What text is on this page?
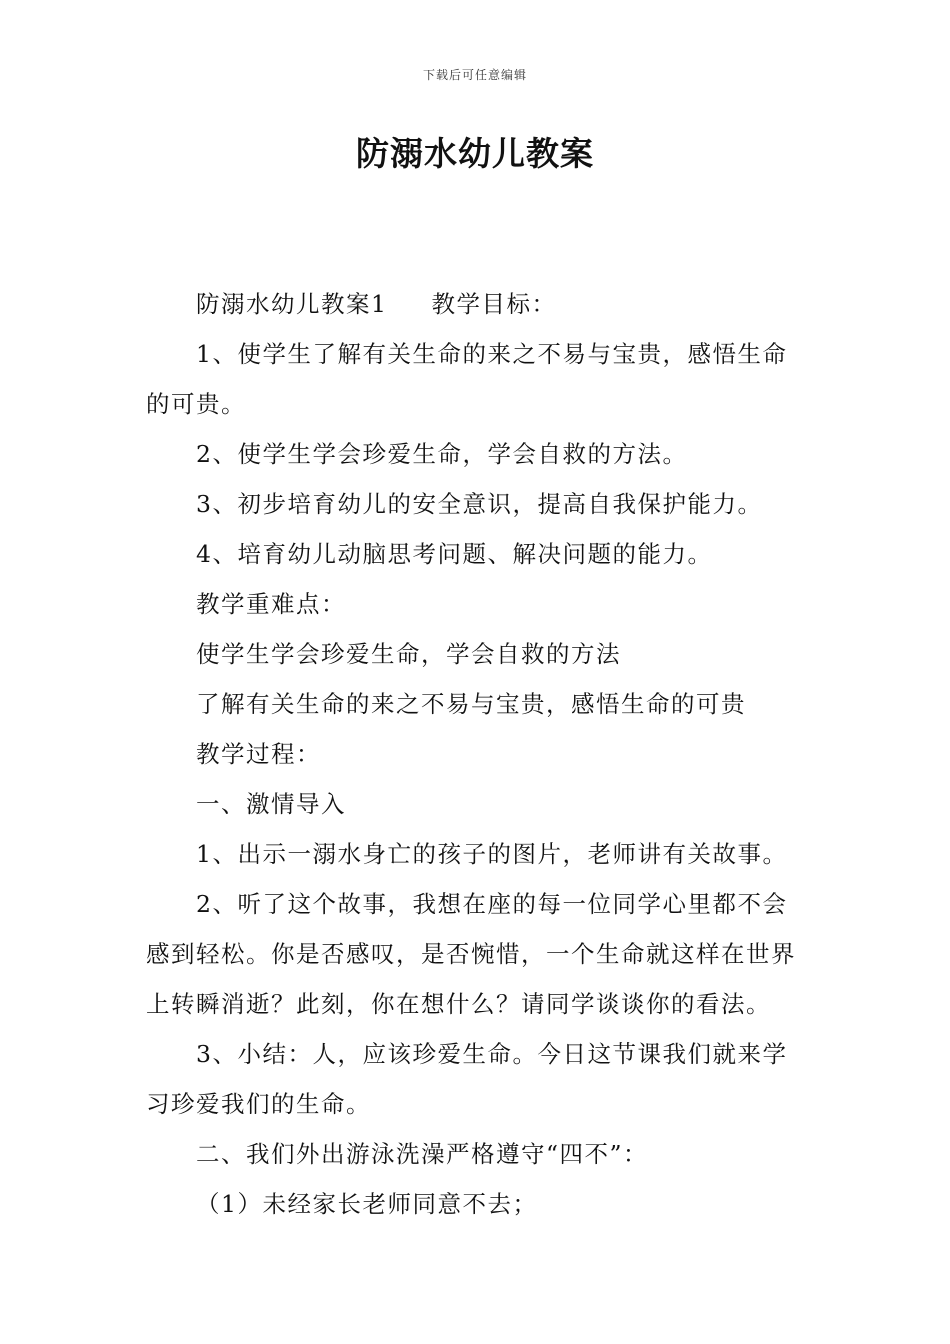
下载后可任意编辑
防溺水幼儿教案

防溺水幼儿教案1 教学目标：

1、使学生了解有关生命的来之不易与宝贵，感悟生命的可贵。

2、使学生学会珍爱生命，学会自救的方法。

3、初步培育幼儿的安全意识，提高自我保护能力。

4、培育幼儿动脑思考问题、解决问题的能力。

教学重难点：

使学生学会珍爱生命，学会自救的方法

了解有关生命的来之不易与宝贵，感悟生命的可贵

教学过程：

一、激情导入

1、出示一溺水身亡的孩子的图片，老师讲有关故事。

2、听了这个故事，我想在座的每一位同学心里都不会感到轻松。你是否感叹，是否惋惜，一个生命就这样在世界上转瞬消逝？此刻，你在想什么？请同学谈谈你的看法。

3、小结：人，应该珍爱生命。今日这节课我们就来学习珍爱我们的生命。

二、我们外出游泳洗澡严格遵守“四不”：

（1）未经家长老师同意不去；
